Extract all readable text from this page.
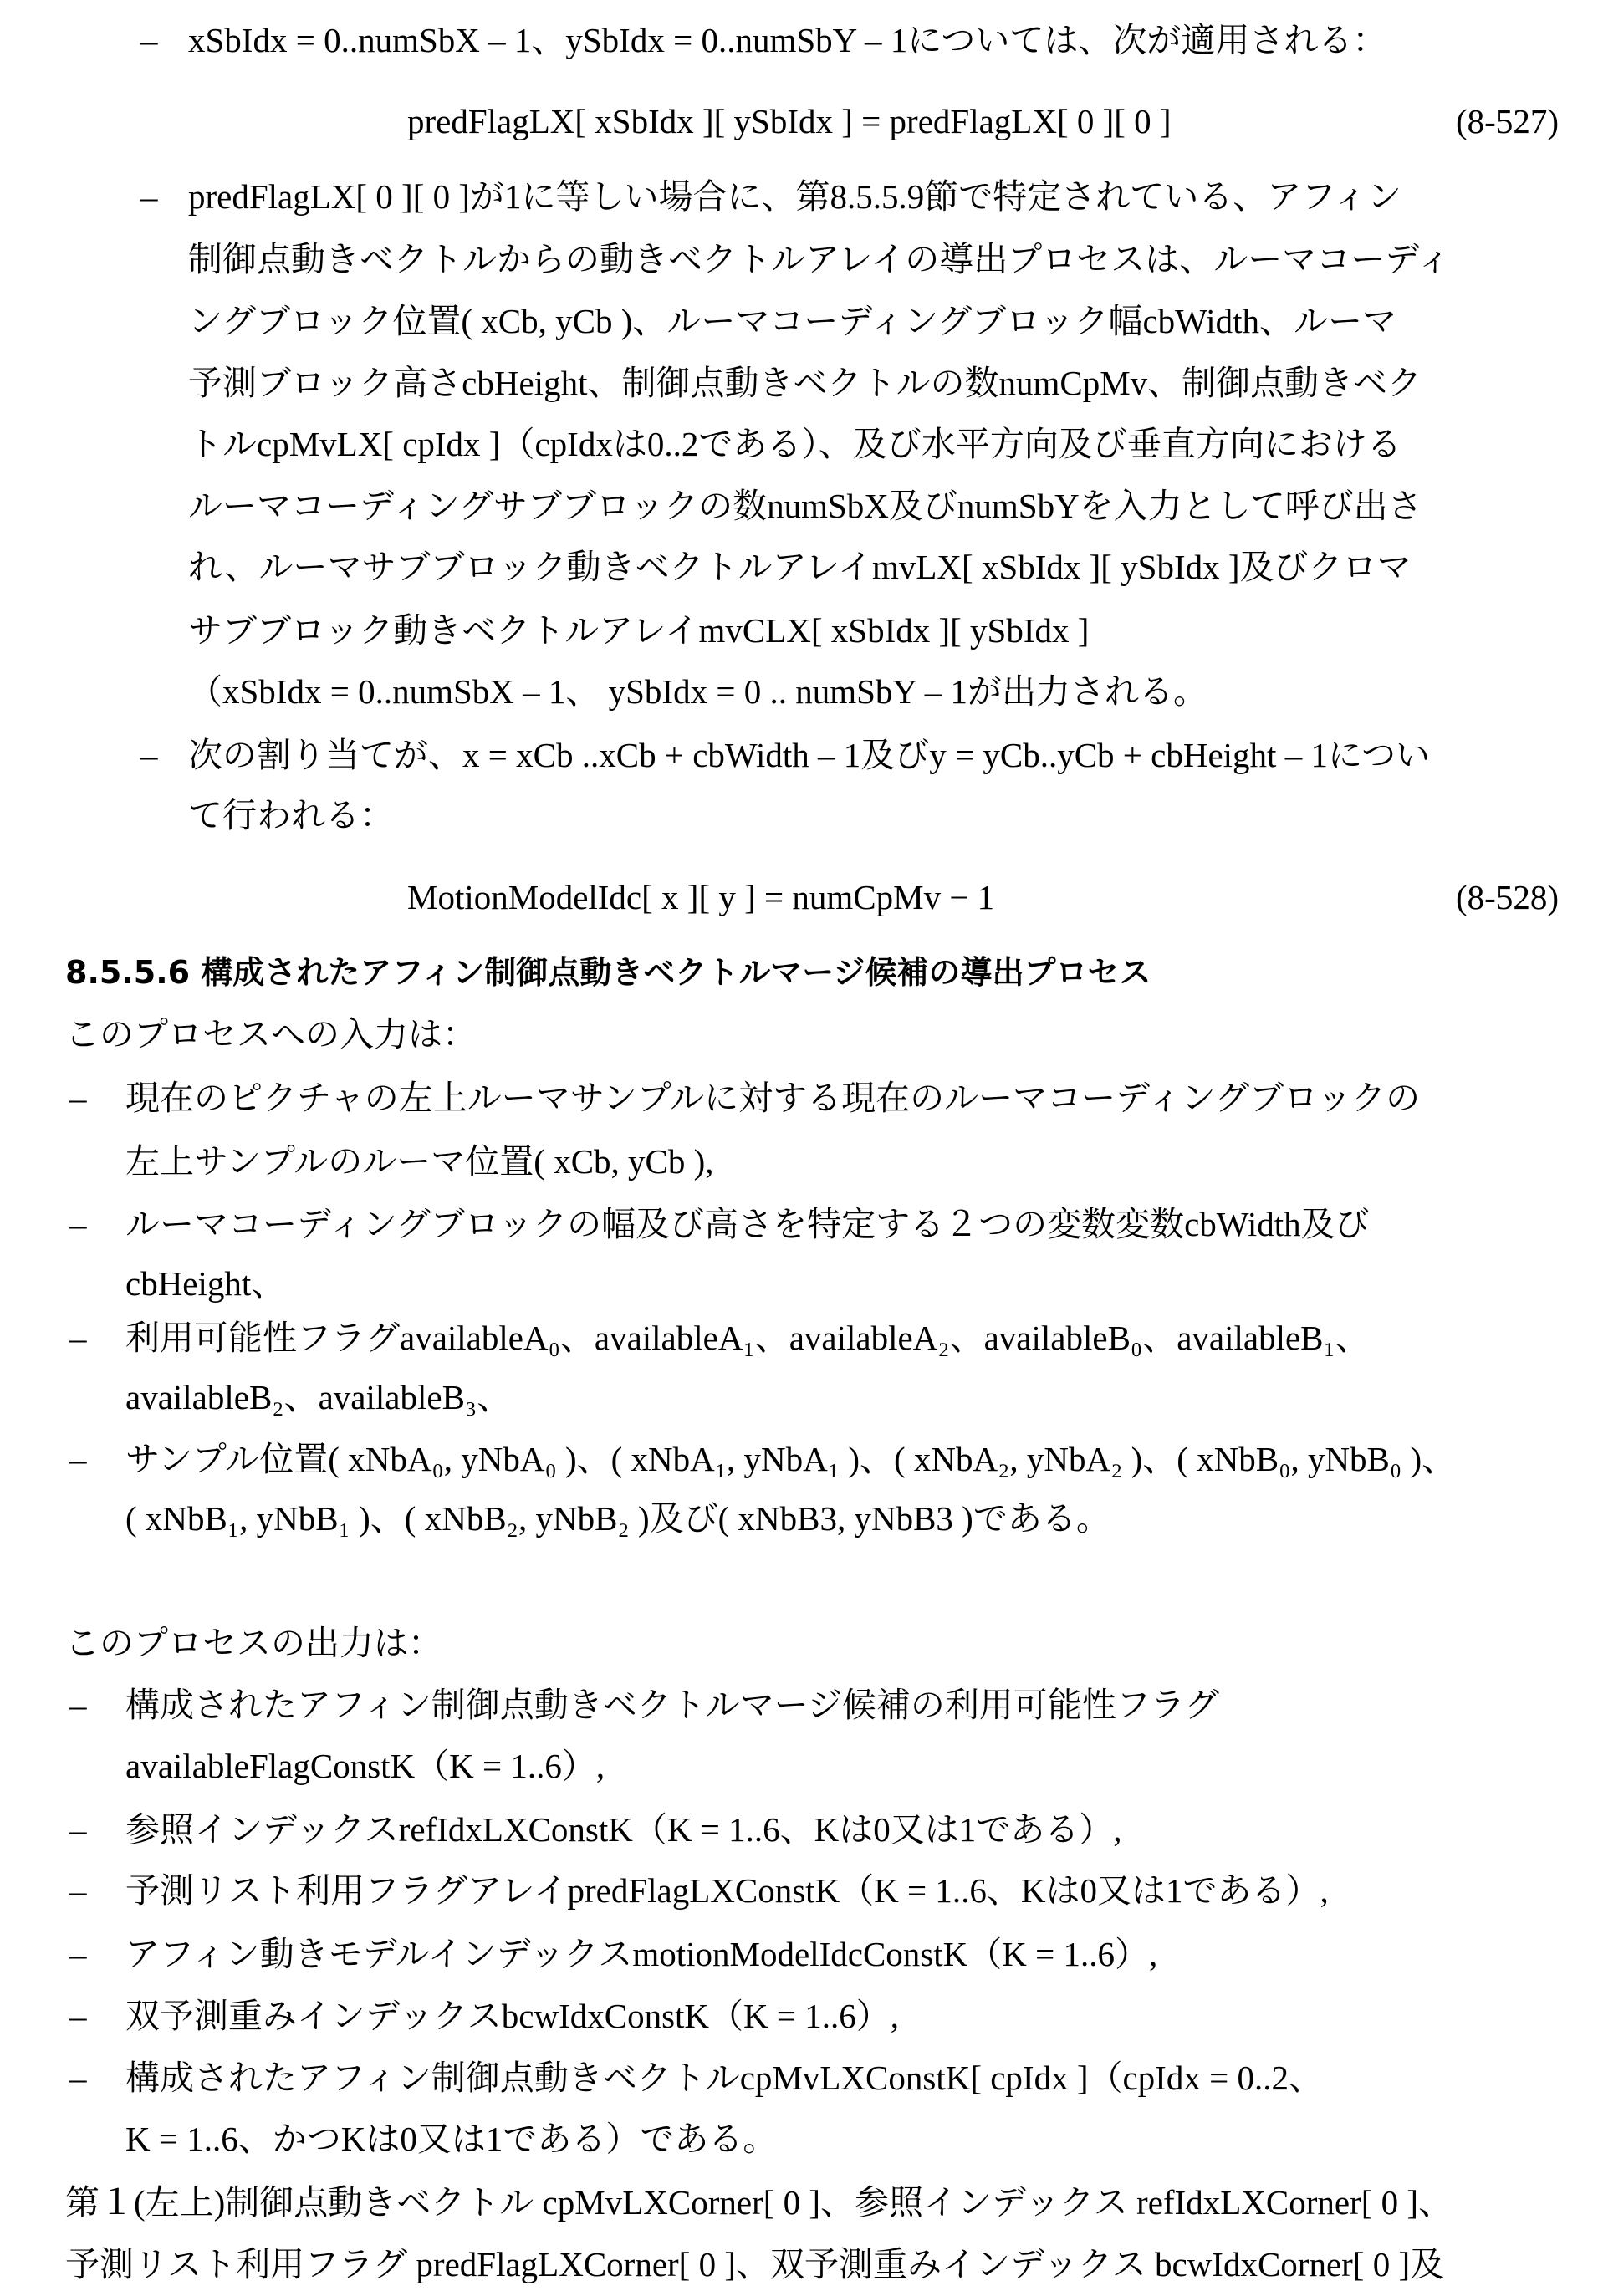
– xSbIdx = 0..numSbX – 1、ySbIdx = 0..numSbY – 1については、次が適用される：
predFlagLX[ xSbIdx ][ ySbIdx ] = predFlagLX[ 0 ][ 0 ]	(8-527)
– predFlagLX[ 0 ][ 0 ]が1に等しい場合に、第8.5.5.9節で特定されている、アフィン
制御点動きベクトルからの動きベクトルアレイの導出プロセスは、ルーマコーディ
ングブロック位置( xCb, yCb )、ルーマコーディングブロック幅cbWidth、ルーマ
予測ブロック高さcbHeight、制御点動きベクトルの数numCpMv、制御点動きベク
トルcpMvLX[ cpIdx ]（cpIdxは0..2である）、及び水平方向及び垂直方向における
ルーマコーディングサブブロックの数numSbX及びnumSbYを入力として呼び出さ
れ、ルーマサブブロック動きベクトルアレイmvLX[ xSbIdx ][ ySbIdx ]及びクロマ
サブブロック動きベクトルアレイmvCLX[ xSbIdx ][ ySbIdx ]
（xSbIdx = 0..numSbX – 1、 ySbIdx = 0 .. numSbY – 1が出力される。
– 次の割り当てが、x = xCb ..xCb + cbWidth – 1及びy = yCb..yCb + cbHeight – 1につい
て行われる：
MotionModelIdc[ x ][ y ] = numCpMv − 1	(8-528)
8.5.5.6 構成されたアフィン制御点動きベクトルマージ候補の導出プロセス
このプロセスへの入力は：
– 現在のピクチャの左上ルーマサンプルに対する現在のルーマコーディングブロックの
左上サンプルのルーマ位置( xCb, yCb ),
– ルーマコーディングブロックの幅及び高さを特定する２つの変数変数cbWidth及び
cbHeight、
– 利用可能性フラグavailableA₀、availableA₁、availableA₂、availableB₀、availableB₁、
availableB₂、availableB₃、
– サンプル位置( xNbA₀, yNbA₀ )、( xNbA₁, yNbA₁ )、( xNbA₂, yNbA₂ )、( xNbB₀, yNbB₀ )、
( xNbB₁, yNbB₁ )、( xNbB₂, yNbB₂ )及び( xNbB3, yNbB3 )である。
このプロセスの出力は：
– 構成されたアフィン制御点動きベクトルマージ候補の利用可能性フラグ
availableFlagConstK（K = 1..6）,
– 参照インデックスrefIdxLXConstK（K = 1..6、Kは0又は1である）,
– 予測リスト利用フラグアレイpredFlagLXConstK（K = 1..6、Kは0又は1である）,
– アフィン動きモデルインデックスmotionModelIdcConstK（K = 1..6）,
– 双予測重みインデックスbcwIdxConstK（K = 1..6）,
– 構成されたアフィン制御点動きベクトルcpMvLXConstK[ cpIdx ]（cpIdx = 0..2、
K = 1..6、かつKは0又は1である）である。
第１(左上)制御点動きベクトル cpMvLXCorner[ 0 ]、参照インデックス refIdxLXCorner[ 0 ]、
予測リスト利用フラグ predFlagLXCorner[ 0 ]、双予測重みインデックス bcwIdxCorner[ 0 ]及
